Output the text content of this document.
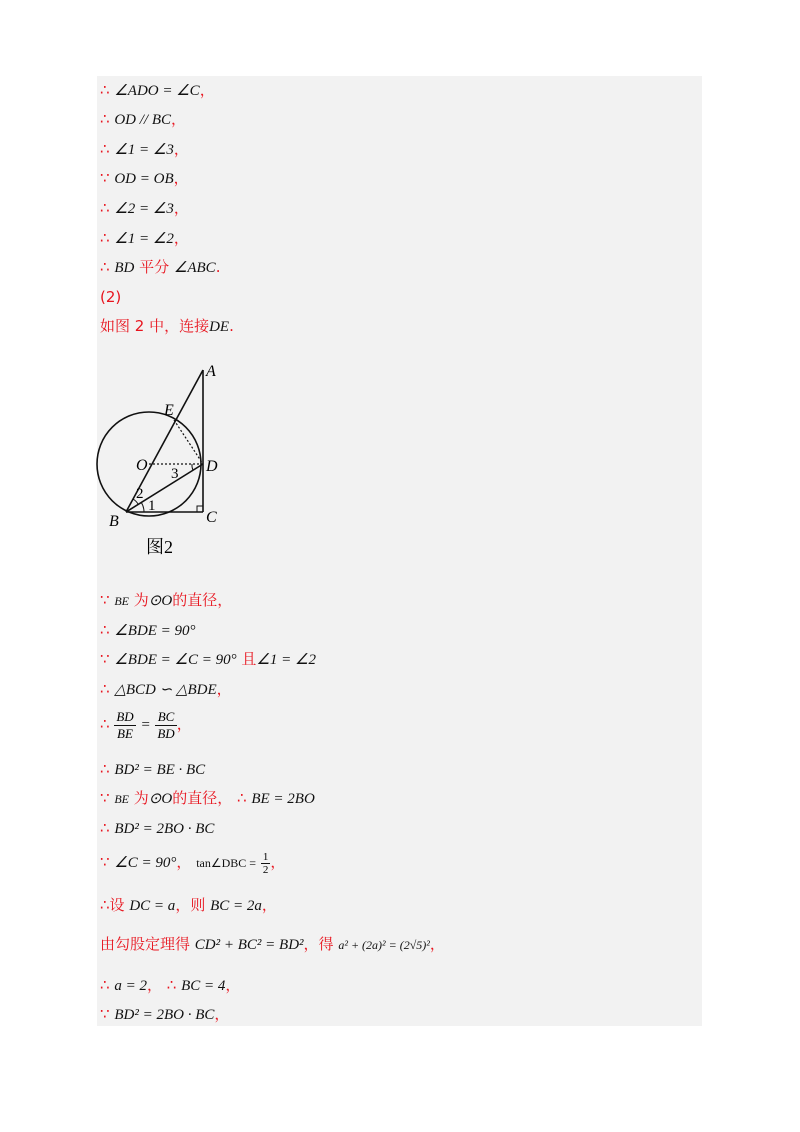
∴ ∠ADO = ∠C，
∴ OD // BC，
∴ ∠1 = ∠3，
∵ OD = OB，
∴ ∠2 = ∠3，
∴ ∠1 = ∠2，
∴ BD 平分 ∠ABC.
(2)
如图 2 中，连接DE.
A
E
O	D
B	C
1
2
3
图2
∵ BE 为⊙O的直径，
∴ ∠BDE = 90°
∵ ∠BDE = ∠C = 90° 且∠1 = ∠2
∴ △BCD ∽ △BDE，
∴ $\frac{BD}{BE} = \frac{BC}{BD}$ ，
∴ BD² = BE · BC
∵ BE 为⊙O的直径， ∴ BE = 2BO
∴ BD² = 2BO · BC
∵ ∠C = 90°， tan∠DBC = $\frac{1}{2}$ ，
∴设 DC = a，则 BC = 2a，
由勾股定理得 CD² + BC² = BD²，得 a² + (2a)² = (2√5)²，
∴ a = 2， ∴ BC = 4，
∵ BD² = 2BO · BC，
